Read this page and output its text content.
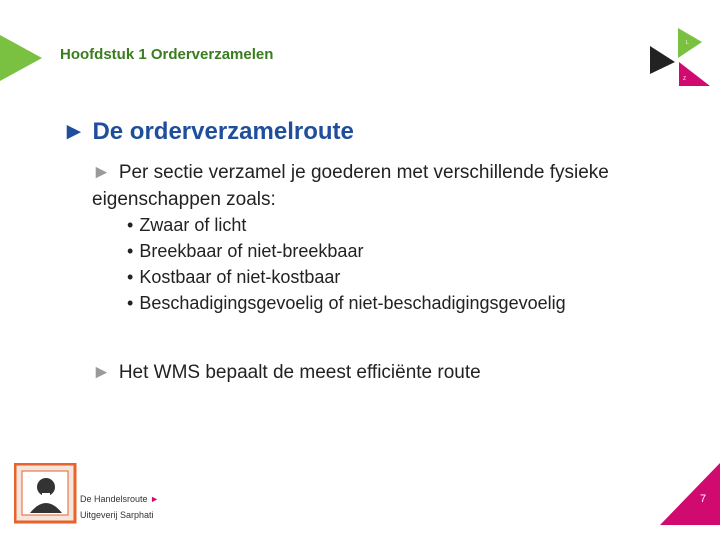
Hoofdstuk 1 Orderverzamelen
L
Z
► De orderverzamelroute
► Per sectie verzamel je goederen met verschillende fysieke eigenschappen zoals:
• Zwaar of licht
• Breekbaar of niet-breekbaar
• Kostbaar of niet-kostbaar
• Beschadigingsgevoelig of niet-beschadigingsgevoelig
► Het WMS bepaalt de meest efficiënte route
De Handelsroute ►
Uitgeverij Sarphati
7
